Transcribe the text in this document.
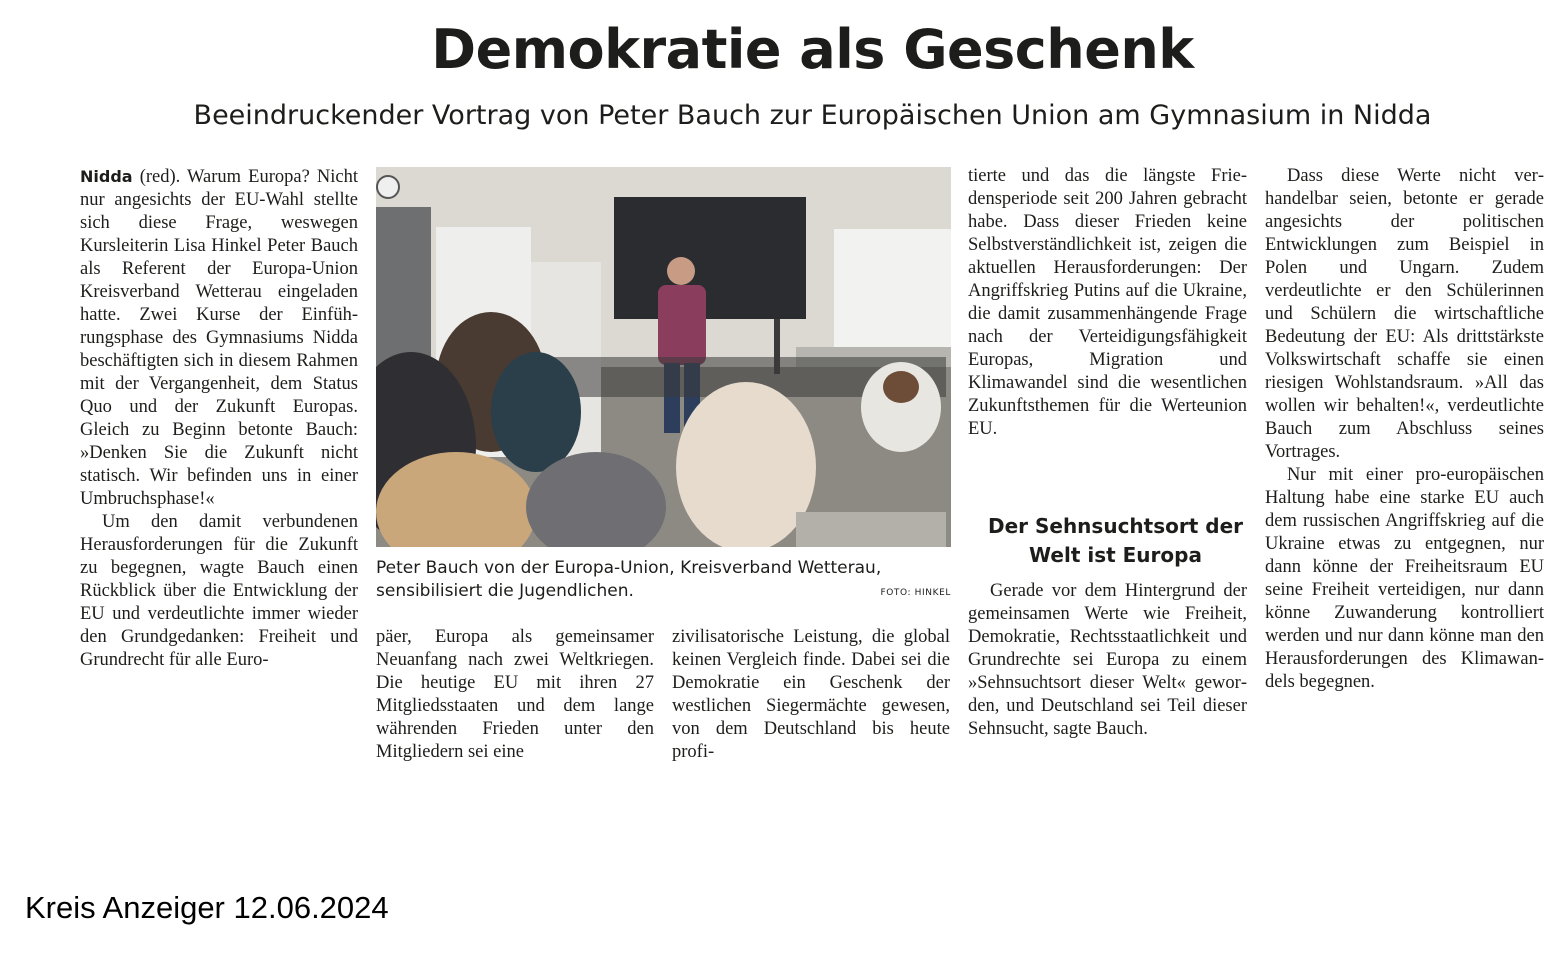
Demokratie als Geschenk
Beeindruckender Vortrag von Peter Bauch zur Europäischen Union am Gymnasium in Nidda

Nidda (red). Warum Europa? Nicht nur angesichts der EU-Wahl stellte sich diese Frage, weswegen Kursleiterin Lisa Hinkel Peter Bauch als Referent der Europa-Union Kreisverband Wetterau eingeladen hatte. Zwei Kurse der Einführungsphase des Gymnasiums Nidda beschäftigten sich in diesem Rahmen mit der Vergangenheit, dem Status Quo und der Zukunft Europas. Gleich zu Beginn betonte Bauch: »Denken Sie die Zukunft nicht statisch. Wir befinden uns in einer Umbruchsphase!«

Um den damit verbundenen Herausforderungen für die Zukunft zu begegnen, wagte Bauch einen Rückblick über die Entwicklung der EU und verdeutlichte immer wieder den Grundgedanken: Freiheit und Grundrecht für alle Euro-

Peter Bauch von der Europa-Union, Kreisverband Wetterau, sensibilisiert die Jugendlichen.	FOTO: HINKEL

päer, Europa als gemeinsamer Neuanfang nach zwei Weltkriegen. Die heutige EU mit ihren 27 Mitgliedsstaaten und dem lange währenden Frieden unter den Mitgliedern sei eine

zivilisatorische Leistung, die global keinen Vergleich finde. Dabei sei die Demokratie ein Geschenk der westlichen Siegermächte gewesen, von dem Deutschland bis heute profi-

tierte und das die längste Friedensperiode seit 200 Jahren gebracht habe. Dass dieser Frieden keine Selbstverständlichkeit ist, zeigen die aktuellen Herausforderungen: Der Angriffskrieg Putins auf die Ukraine, die damit zusammenhängende Frage nach der Verteidigungsfähigkeit Europas, Migration und Klimawandel sind die wesentlichen Zukunftsthemen für die Werteunion EU.

Der Sehnsuchtsort der Welt ist Europa

Gerade vor dem Hintergrund der gemeinsamen Werte wie Freiheit, Demokratie, Rechtsstaatlichkeit und Grundrechte sei Europa zu einem »Sehnsuchtsort dieser Welt« geworden, und Deutschland sei Teil dieser Sehnsucht, sagte Bauch.

Dass diese Werte nicht verhandelbar seien, betonte er gerade angesichts der politischen Entwicklungen zum Beispiel in Polen und Ungarn. Zudem verdeutlichte er den Schülerinnen und Schülern die wirtschaftliche Bedeutung der EU: Als drittstärkste Volkswirtschaft schaffe sie einen riesigen Wohlstandsraum. »All das wollen wir behalten!«, verdeutlichte Bauch zum Abschluss seines Vortrages.

Nur mit einer pro-europäischen Haltung habe eine starke EU auch dem russischen Angriffskrieg auf die Ukraine etwas zu entgegnen, nur dann könne der Freiheitsraum EU seine Freiheit verteidigen, nur dann könne Zuwanderung kontrolliert werden und nur dann könne man den Herausforderungen des Klimawandels begegnen.

Kreis Anzeiger 12.06.2024
